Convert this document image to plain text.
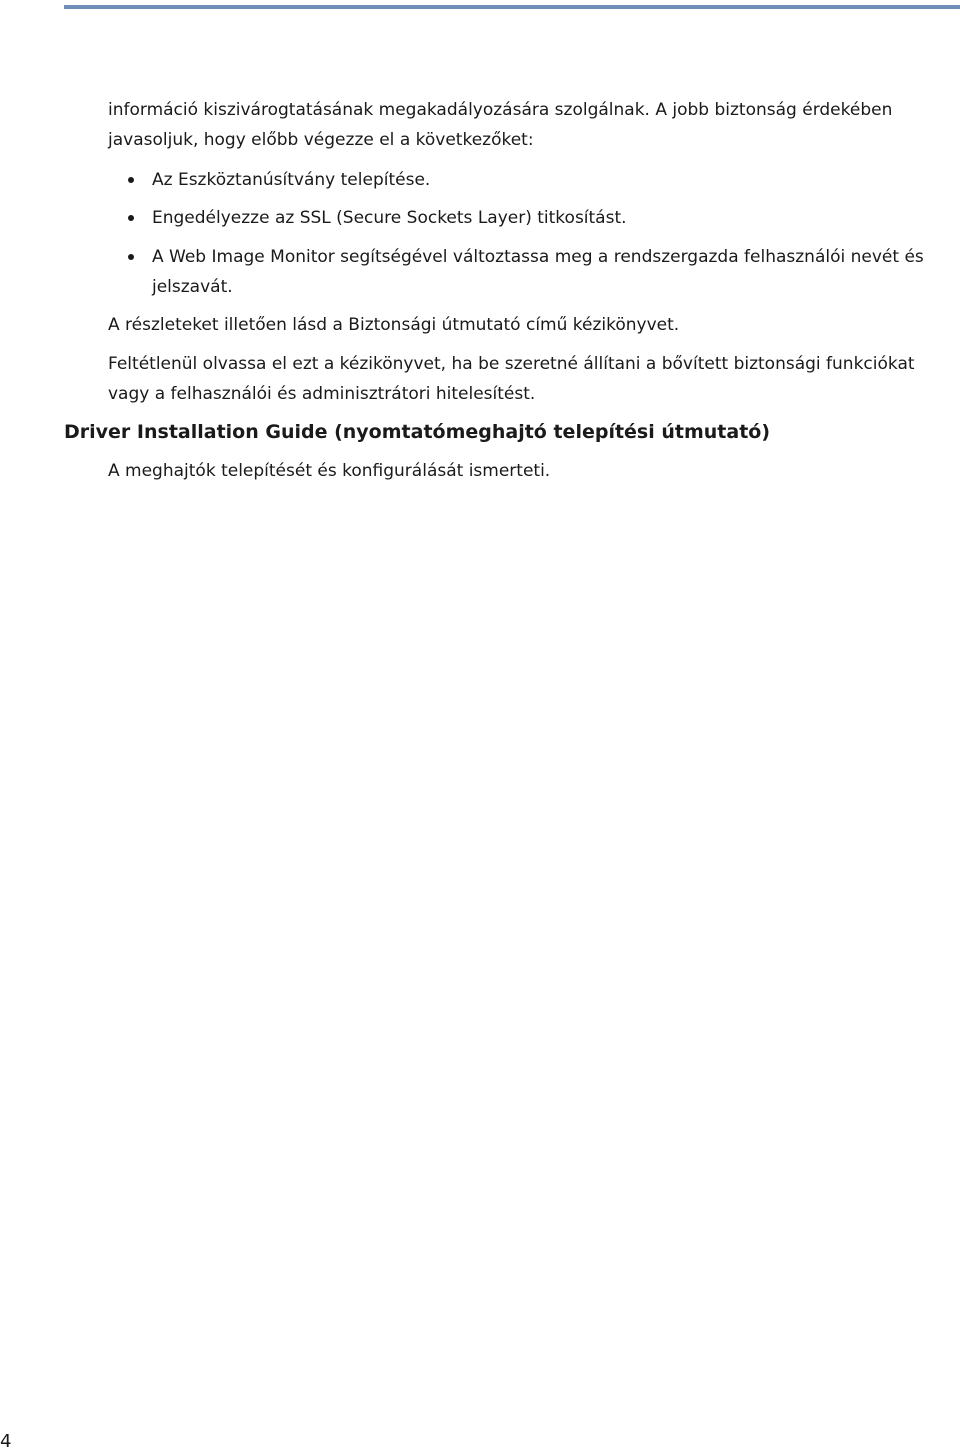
információ kiszivárogtatásának megakadályozására szolgálnak. A jobb biztonság érdekében

javasoljuk, hogy előbb végezze el a következőket:

Az Eszköztanúsítvány telepítése.
Engedélyezze az SSL (Secure Sockets Layer) titkosítást.
A Web Image Monitor segítségével változtassa meg a rendszergazda felhasználói nevét és
jelszavát.

A részleteket illetően lásd a Biztonsági útmutató című kézikönyvet.

Feltétlenül olvassa el ezt a kézikönyvet, ha be szeretné állítani a bővített biztonsági funkciókat

vagy a felhasználói és adminisztrátori hitelesítést.

Driver Installation Guide (nyomtatómeghajtó telepítési útmutató)

A meghajtók telepítését és konfigurálását ismerteti.

4
